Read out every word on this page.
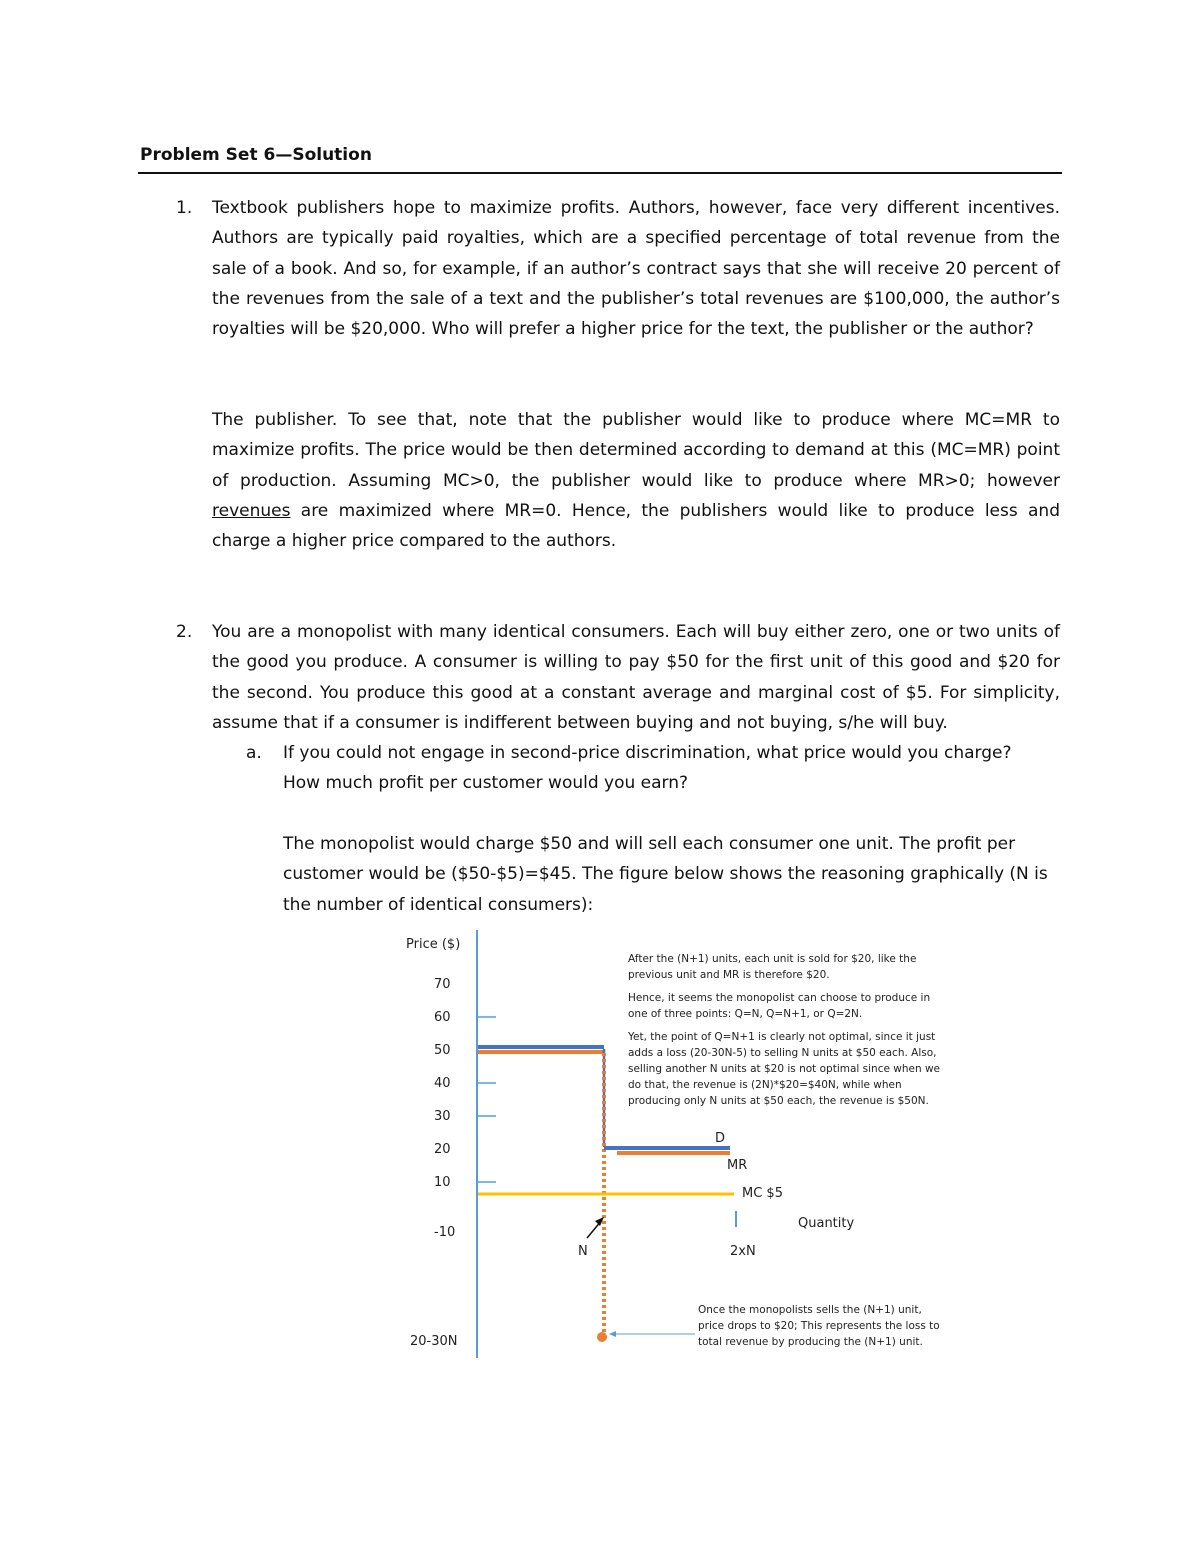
Problem Set 6—Solution
1. Textbook publishers hope to maximize profits. Authors, however, face very different incentives. Authors are typically paid royalties, which are a specified percentage of total revenue from the sale of a book. And so, for example, if an author’s contract says that she will receive 20 percent of the revenues from the sale of a text and the publisher’s total revenues are $100,000, the author’s royalties will be $20,000. Who will prefer a higher price for the text, the publisher or the author?
The publisher. To see that, note that the publisher would like to produce where MC=MR to maximize profits. The price would be then determined according to demand at this (MC=MR) point of production. Assuming MC>0, the publisher would like to produce where MR>0; however revenues are maximized where MR=0. Hence, the publishers would like to produce less and charge a higher price compared to the authors.
2. You are a monopolist with many identical consumers. Each will buy either zero, one or two units of the good you produce. A consumer is willing to pay $50 for the first unit of this good and $20 for the second. You produce this good at a constant average and marginal cost of $5. For simplicity, assume that if a consumer is indifferent between buying and not buying, s/he will buy.
a. If you could not engage in second-price discrimination, what price would you charge? How much profit per customer would you earn?
The monopolist would charge $50 and will sell each consumer one unit. The profit per customer would be ($50-$5)=$45. The figure below shows the reasoning graphically (N is the number of identical consumers):
70
60
50
40
30
20
10
-10
20-30N
Price ($)
D
MR
MC $5
Quantity
N	2xN
After the (N+1) units, each unit is sold for $20, like the
previous unit and MR is therefore $20.
Hence, it seems the monopolist can choose to produce in
one of three points: Q=N, Q=N+1, or Q=2N.
Yet, the point of Q=N+1 is clearly not optimal, since it just
adds a loss (20-30N-5) to selling N units at $50 each. Also,
selling another N units at $20 is not optimal since when we
do that, the revenue is (2N)*$20=$40N, while when
producing only N units at $50 each, the revenue is $50N.
Once the monopolists sells the (N+1) unit,
price drops to $20; This represents the loss to
total revenue by producing the (N+1) unit.
